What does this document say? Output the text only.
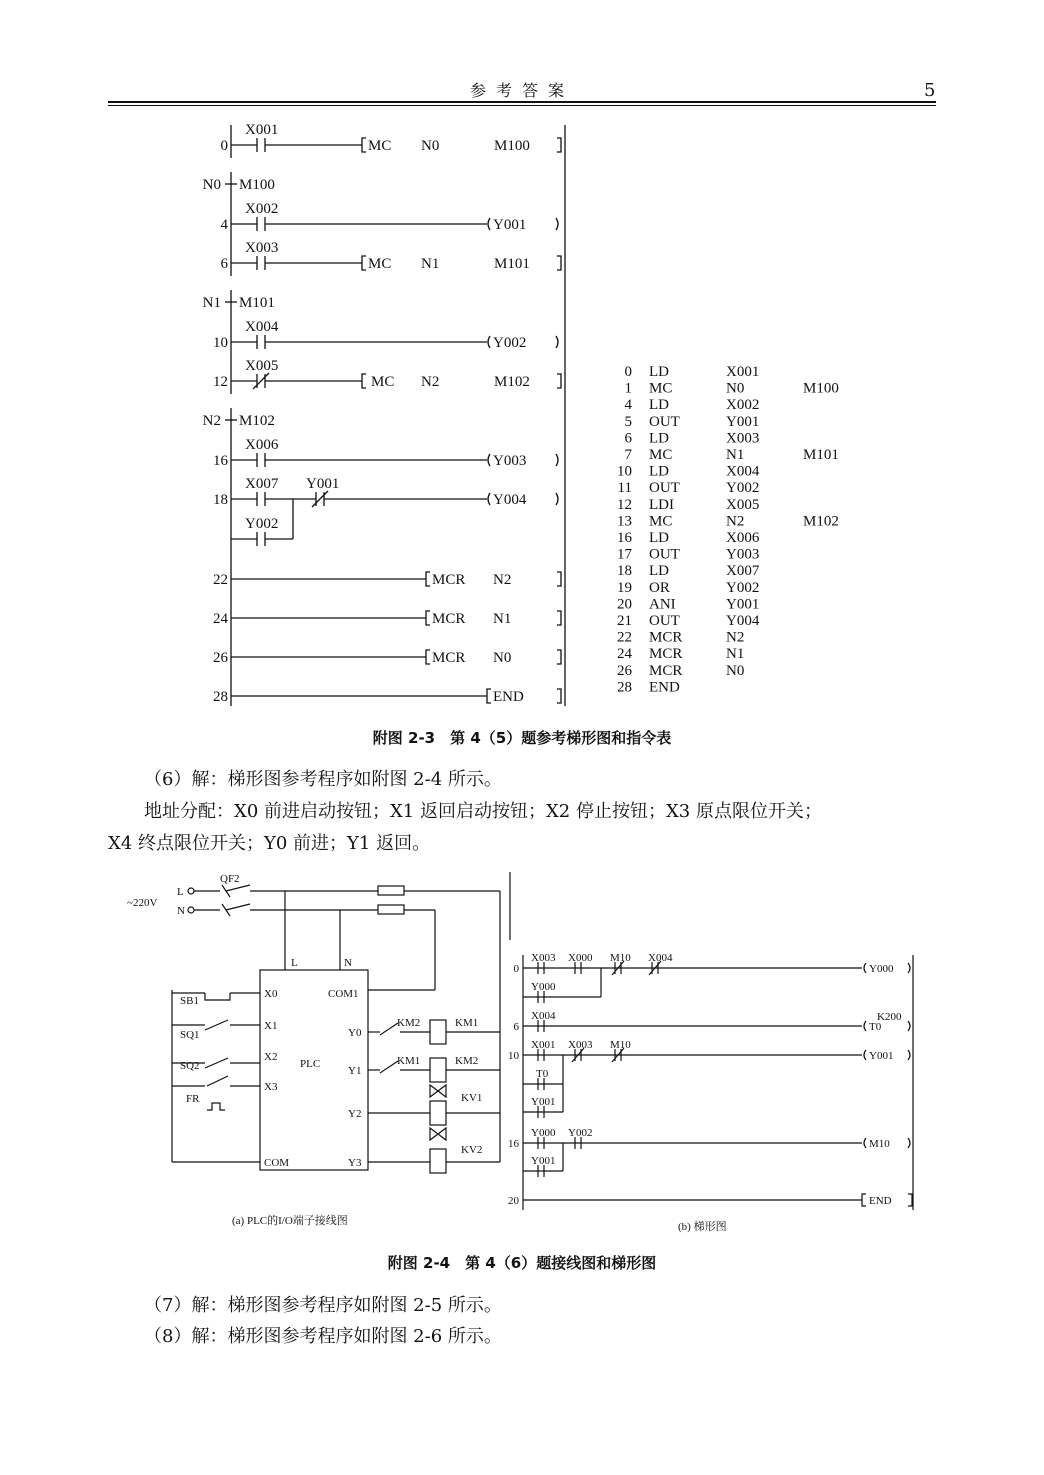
参考答案	5
0
4
6
10
12
16
18
22
24
26
28
N0 M100
N1 M101
N2 M102
X001
X002
X003
X004
X005
X006
X007 Y001
Y002
MC N0	M100
MC N1	M101
MC N2	M102
Y001
Y002
Y003
Y004
MCR N2
MCR N1
MCR N0
END
0 LD	X001
1 MC	N0	M100
4 LD	X002
5 OUT	Y001
6 LD	X003
7 MC	N1	M101
10 LD	X004
11 OUT	Y002
12 LDI	X005
13 MC	N2	M102
16 LD	X006
17 OUT	Y003
18 LD	X007
19 OR	Y002
20 ANI	Y001
21 OUT	Y004
22 MCR	N2
24 MCR	N1
26 MCR	N0
28 END
附图 2-3　第 4（5）题参考梯形图和指令表
（6）解：梯形图参考程序如附图 2-4 所示。
地址分配：X0 前进启动按钮；X1 返回启动按钮；X2 停止按钮；X3 原点限位开关；
X4 终点限位开关；Y0 前进；Y1 返回。
~220V
L
N
QF2
L	N
PLC
X0
X1
X2
X3
COM
COM1
Y0
Y1
Y2
Y3
SB1
SQ1
SQ2
FR
KM2
KM1
KM1
KM2
KV1
KV2
(a) PLC的I/O端子接线图
0
6
10
16
20
X003 X000 M10 X004
Y000
Y000
X004
T0
K200
X001 X003 M10
T0
Y001
Y001
Y000 Y002
Y001
M10
END
(b) 梯形图
附图 2-4　第 4（6）题接线图和梯形图
（7）解：梯形图参考程序如附图 2-5 所示。
（8）解：梯形图参考程序如附图 2-6 所示。
